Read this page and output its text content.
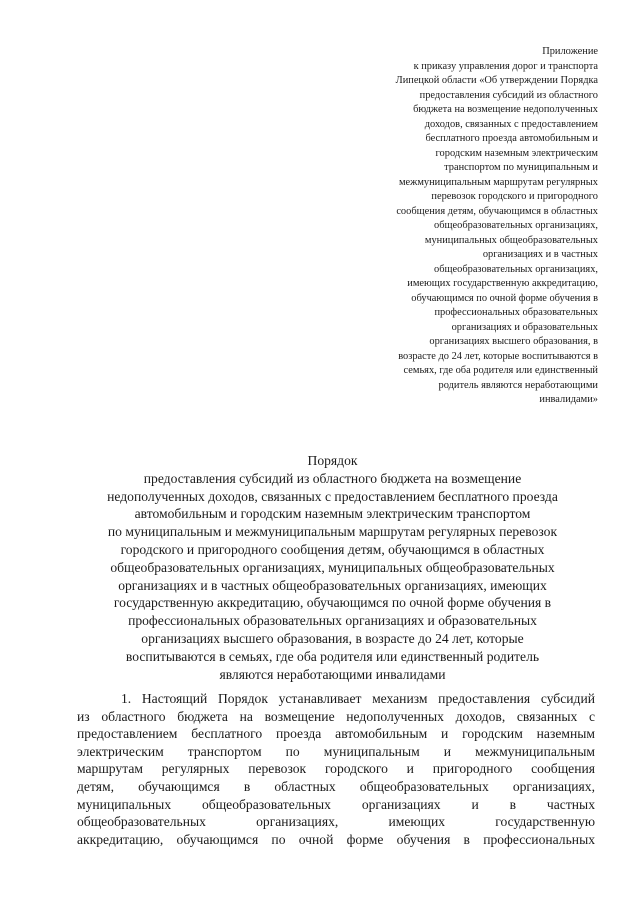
Приложение
к приказу управления дорог и транспорта
Липецкой области «Об утверждении Порядка
предоставления субсидий из областного
бюджета на возмещение недополученных
доходов, связанных с предоставлением
бесплатного проезда автомобильным и
городским наземным электрическим
транспортом по муниципальным и
межмуниципальным маршрутам регулярных
перевозок городского и пригородного
сообщения детям, обучающимся в областных
общеобразовательных организациях,
муниципальных общеобразовательных
организациях и в частных
общеобразовательных организациях,
имеющих государственную аккредитацию,
обучающимся по очной форме обучения в
профессиональных образовательных
организациях и образовательных
организациях высшего образования, в
возрасте до 24 лет, которые воспитываются в
семьях, где оба родителя или единственный
родитель являются неработающими
инвалидами»
Порядок
предоставления субсидий из областного бюджета на возмещение
недополученных доходов, связанных с предоставлением бесплатного проезда
автомобильным и городским наземным электрическим транспортом
по муниципальным и межмуниципальным маршрутам регулярных перевозок
городского и пригородного сообщения детям, обучающимся в областных
общеобразовательных организациях, муниципальных общеобразовательных
организациях и в частных общеобразовательных организациях, имеющих
государственную аккредитацию, обучающимся по очной форме обучения в
профессиональных образовательных организациях и образовательных
организациях высшего образования, в возрасте до 24 лет, которые
воспитываются в семьях, где оба родителя или единственный родитель
являются неработающими инвалидами
1. Настоящий Порядок устанавливает механизм предоставления субсидий
из областного бюджета на возмещение недополученных доходов, связанных с
предоставлением бесплатного проезда автомобильным и городским наземным
электрическим транспортом по муниципальным и межмуниципальным
маршрутам регулярных перевозок городского и пригородного сообщения
детям, обучающимся в областных общеобразовательных организациях,
муниципальных общеобразовательных организациях и в частных
общеобразовательных организациях, имеющих государственную
аккредитацию, обучающимся по очной форме обучения в профессиональных
